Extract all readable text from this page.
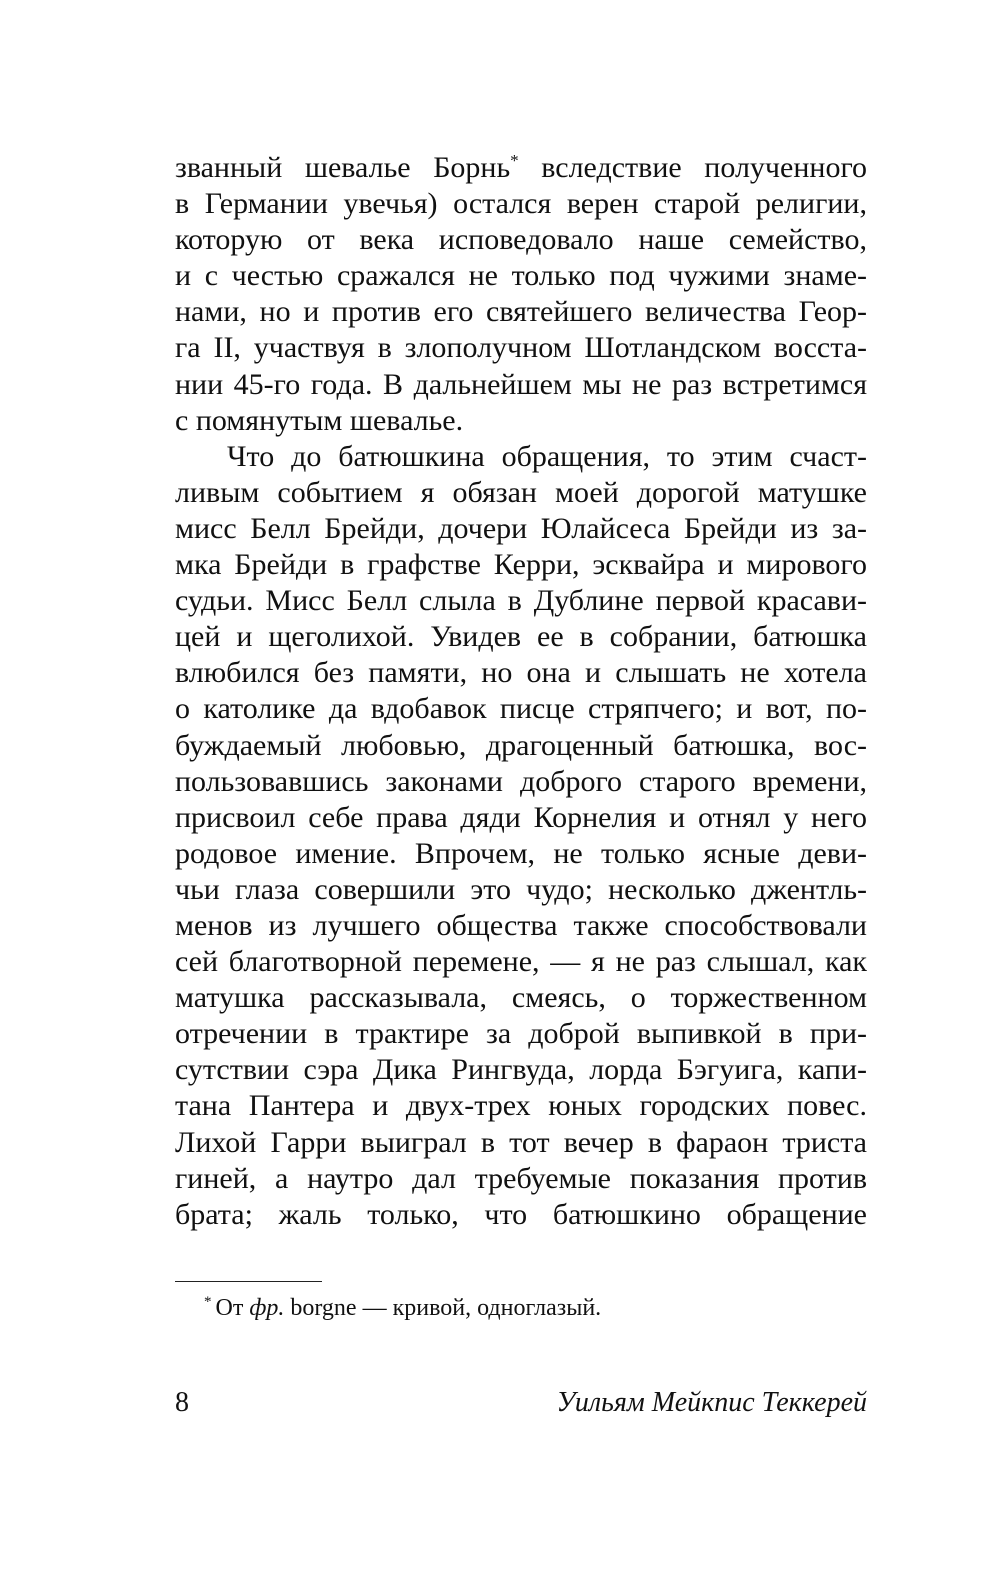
званный шевалье Борнь* вследствие полученного
в Германии увечья) остался верен старой религии,
которую от века исповедовало наше семейство,
и с честью сражался не только под чужими знаме-
нами, но и против его святейшего величества Геор-
га II, участвуя в злополучном Шотландском восста-
нии 45-го года. В дальнейшем мы не раз встретимся
с помянутым шевалье.
Что до батюшкина обращения, то этим счаст-
ливым событием я обязан моей дорогой матушке
мисс Белл Брейди, дочери Юлайсеса Брейди из за-
мка Брейди в графстве Керри, эсквайра и мирового
судьи. Мисс Белл слыла в Дублине первой красави-
цей и щеголихой. Увидев ее в собрании, батюшка
влюбился без памяти, но она и слышать не хотела
о католике да вдобавок писце стряпчего; и вот, по-
буждаемый любовью, драгоценный батюшка, вос-
пользовавшись законами доброго старого времени,
присвоил себе права дяди Корнелия и отнял у него
родовое имение. Впрочем, не только ясные деви-
чьи глаза совершили это чудо; несколько джентль-
менов из лучшего общества также способствовали
сей благотворной перемене, — я не раз слышал, как
матушка рассказывала, смеясь, о торжественном
отречении в трактире за доброй выпивкой в при-
сутствии сэра Дика Рингвуда, лорда Бэгуига, капи-
тана Пантера и двух-трех юных городских повес.
Лихой Гарри выиграл в тот вечер в фараон триста
гиней, а наутро дал требуемые показания против
брата; жаль только, что батюшкино обращение
* От фр. borgne — кривой, одноглазый.
8	Уильям Мейкпис Теккерей
